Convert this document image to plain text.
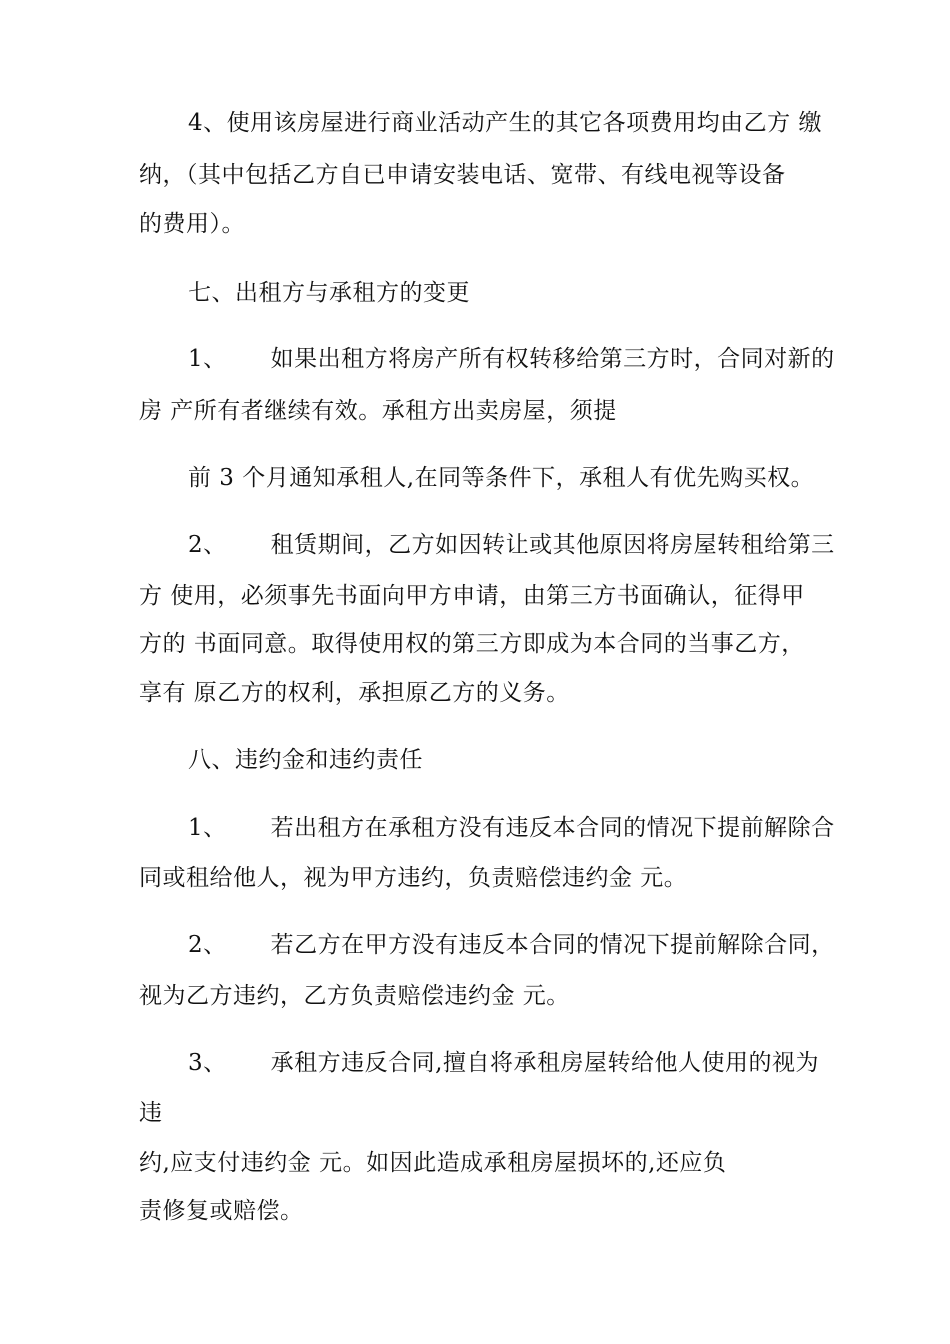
4、使用该房屋进行商业活动产生的其它各项费用均由乙方 缴
纳，（其中包括乙方自已申请安装电话、宽带、有线电视等设备
的费用）。
七、出租方与承租方的变更
1、 如果出租方将房产所有权转移给第三方时，合同对新的
房 产所有者继续有效。承租方出卖房屋，须提
前 3 个月通知承租人,在同等条件下，承租人有优先购买权。
2、 租赁期间，乙方如因转让或其他原因将房屋转租给第三
方 使用，必须事先书面向甲方申请，由第三方书面确认，征得甲
方的 书面同意。取得使用权的第三方即成为本合同的当事乙方，
享有 原乙方的权利，承担原乙方的义务。
八、违约金和违约责任
1、 若出租方在承租方没有违反本合同的情况下提前解除合
同或租给他人，视为甲方违约，负责赔偿违约金 元。
2、 若乙方在甲方没有违反本合同的情况下提前解除合同，
视为乙方违约，乙方负责赔偿违约金 元。
3、 承租方违反合同,擅自将承租房屋转给他人使用的视为
违
约,应支付违约金 元。如因此造成承租房屋损坏的,还应负
责修复或赔偿。
